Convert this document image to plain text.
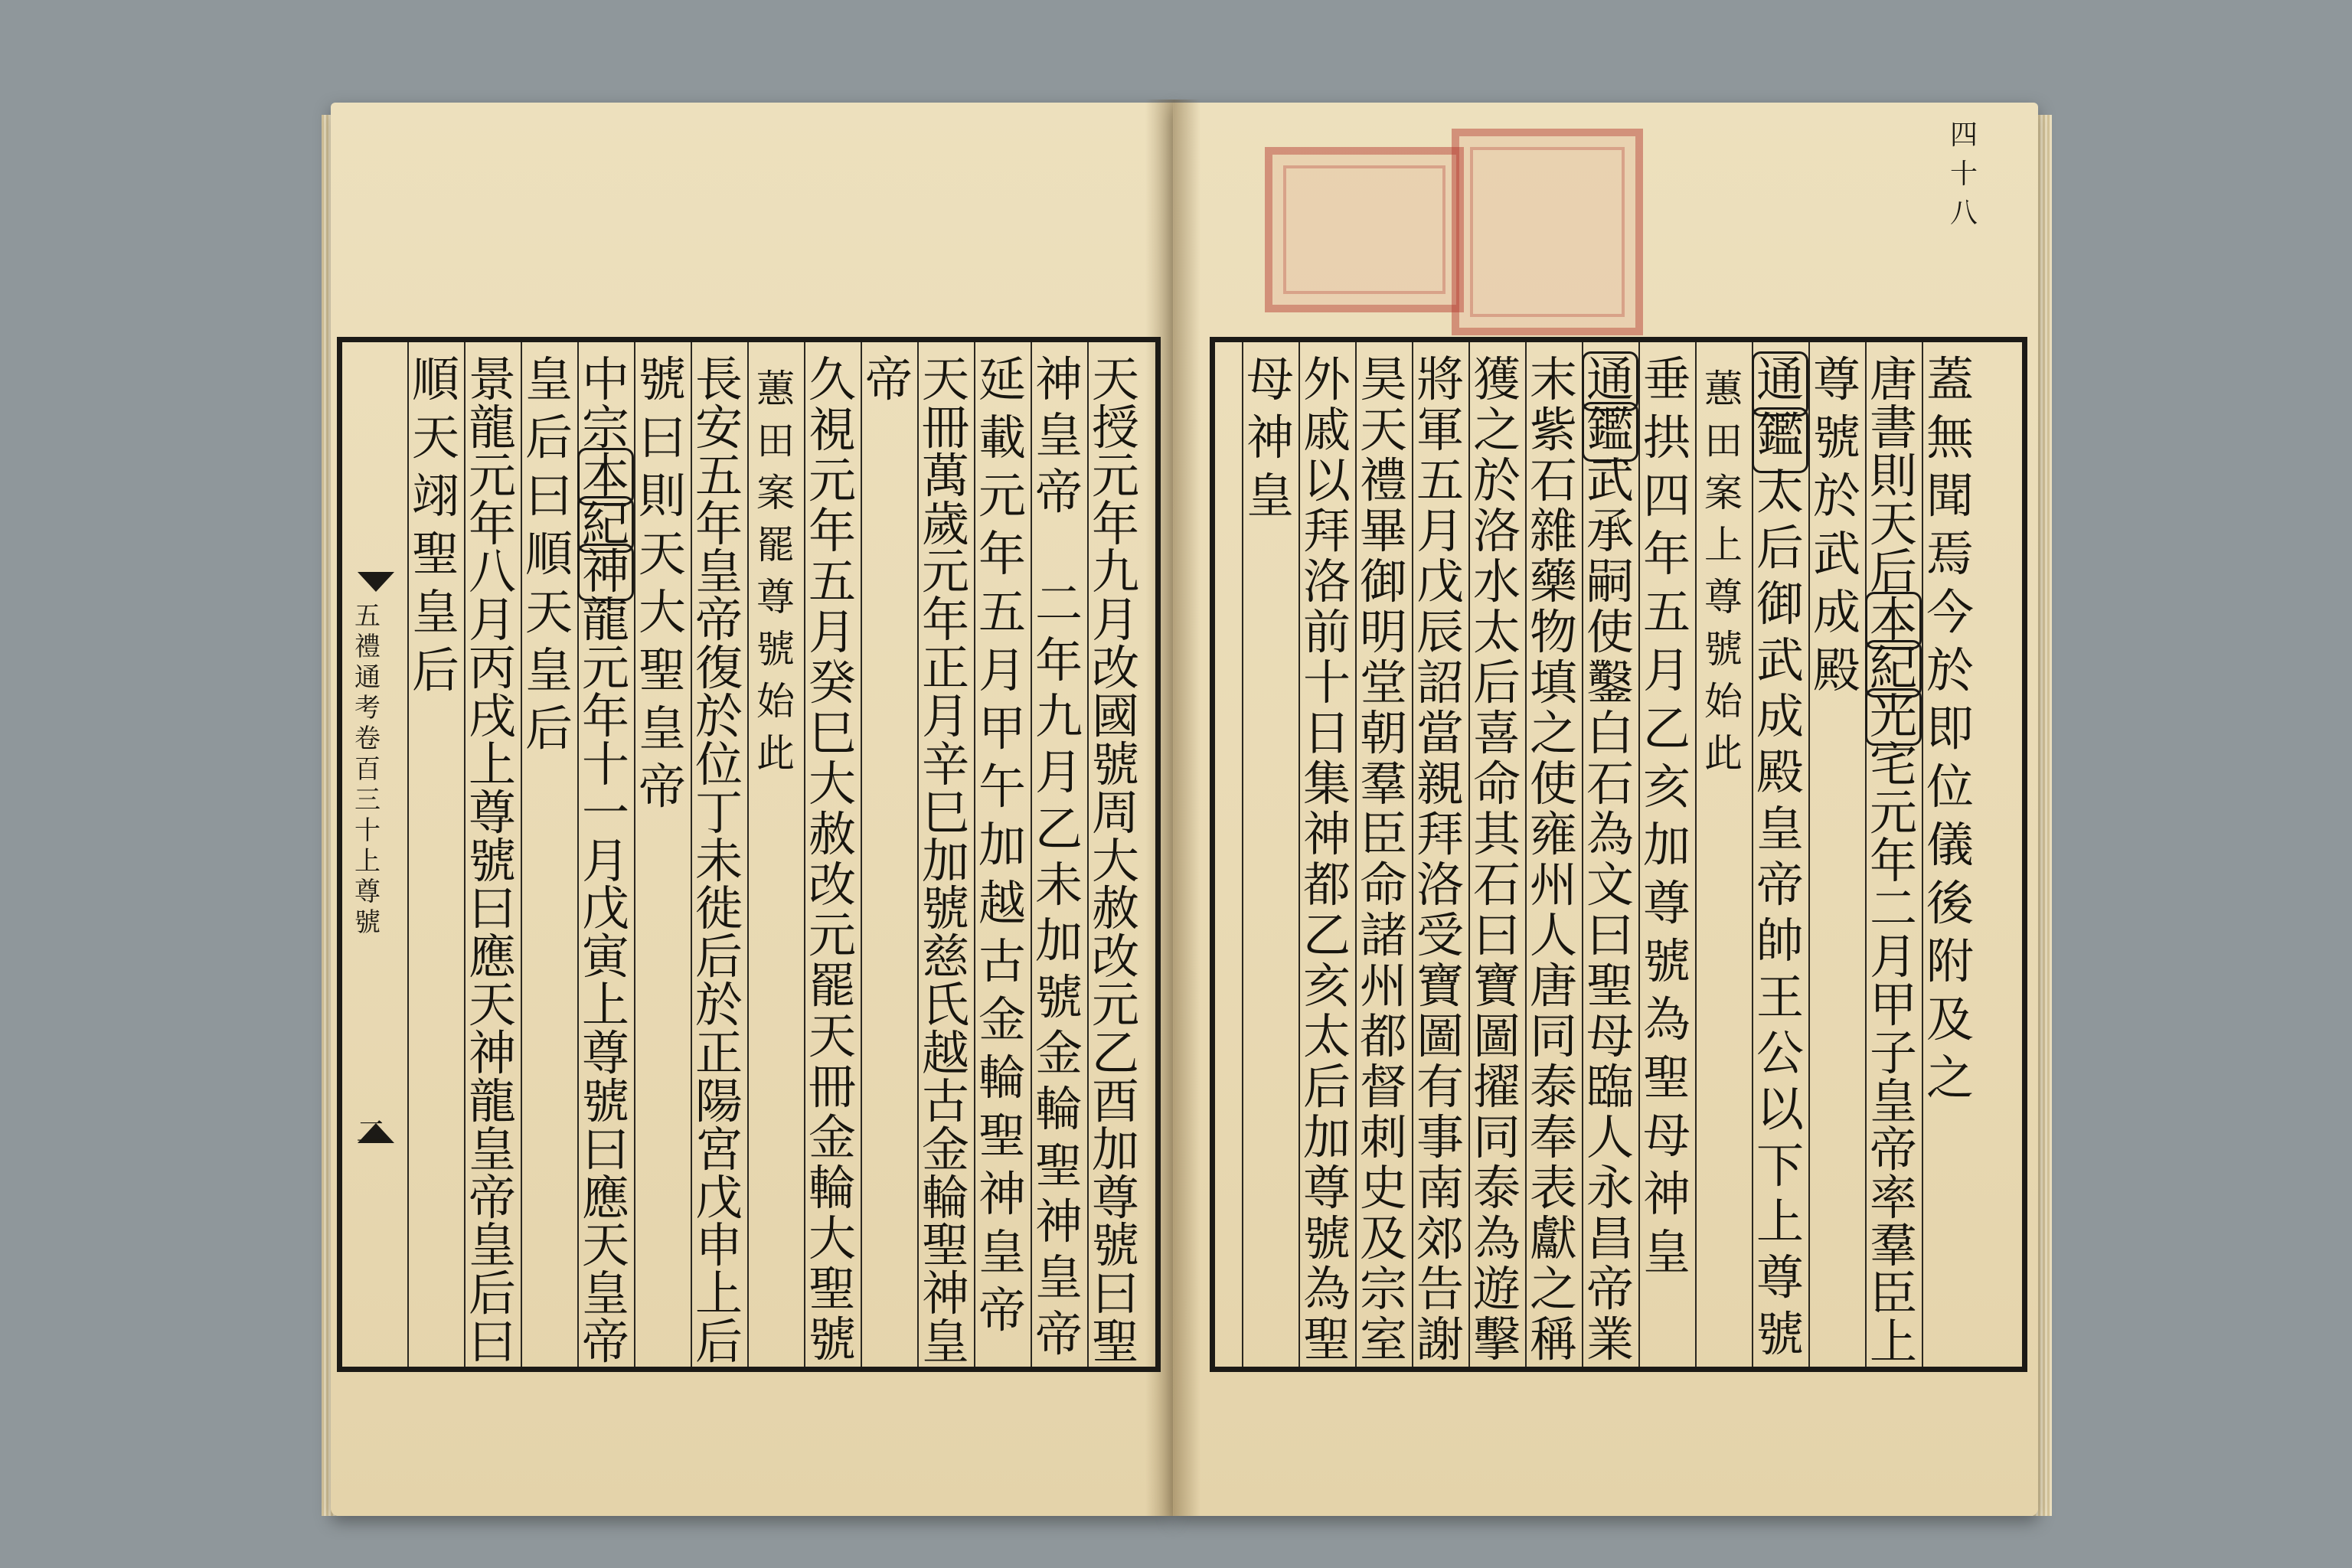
四十八
天
授
元
年
九
月
改
國
號
周
大
赦
改
元
乙
酉
加
尊
號
曰
聖
神
皇
帝
二
年
九
月
乙
未
加
號
金
輪
聖
神
皇
帝
延
載
元
年
五
月
甲
午
加
越
古
金
輪
聖
神
皇
帝
天
冊
萬
歲
元
年
正
月
辛
巳
加
號
慈
氏
越
古
金
輪
聖
神
皇
帝
久
視
元
年
五
月
癸
巳
大
赦
改
元
罷
天
冊
金
輪
大
聖
號
蕙
田
案
罷
尊
號
始
此
長
安
五
年
皇
帝
復
於
位
丁
未
徙
后
於
正
陽
宮
戊
申
上
后
號
曰
則
天
大
聖
皇
帝
中
宗
本
紀
神
龍
元
年
十
一
月
戊
寅
上
尊
號
曰
應
天
皇
帝
皇
后
曰
順
天
皇
后
景
龍
元
年
八
月
丙
戌
上
尊
號
曰
應
天
神
龍
皇
帝
皇
后
曰
順
天
翊
聖
皇
后
五
禮
通
考
卷
百
三
十
上
尊
號
二
蓋
無
聞
焉
今
於
即
位
儀
後
附
及
之
唐
書
則
天
后
本
紀
光
宅
元
年
二
月
甲
子
皇
帝
率
羣
臣
上
尊
號
於
武
成
殿
通
鑑
太
后
御
武
成
殿
皇
帝
帥
王
公
以
下
上
尊
號
蕙
田
案
上
尊
號
始
此
垂
拱
四
年
五
月
乙
亥
加
尊
號
為
聖
母
神
皇
通
鑑
武
承
嗣
使
鑿
白
石
為
文
曰
聖
母
臨
人
永
昌
帝
業
末
紫
石
雜
藥
物
填
之
使
雍
州
人
唐
同
泰
奉
表
獻
之
稱
獲
之
於
洛
水
太
后
喜
命
其
石
曰
寶
圖
擢
同
泰
為
遊
擊
將
軍
五
月
戊
辰
詔
當
親
拜
洛
受
寶
圖
有
事
南
郊
告
謝
昊
天
禮
畢
御
明
堂
朝
羣
臣
命
諸
州
都
督
刺
史
及
宗
室
外
戚
以
拜
洛
前
十
日
集
神
都
乙
亥
太
后
加
尊
號
為
聖
母
神
皇
